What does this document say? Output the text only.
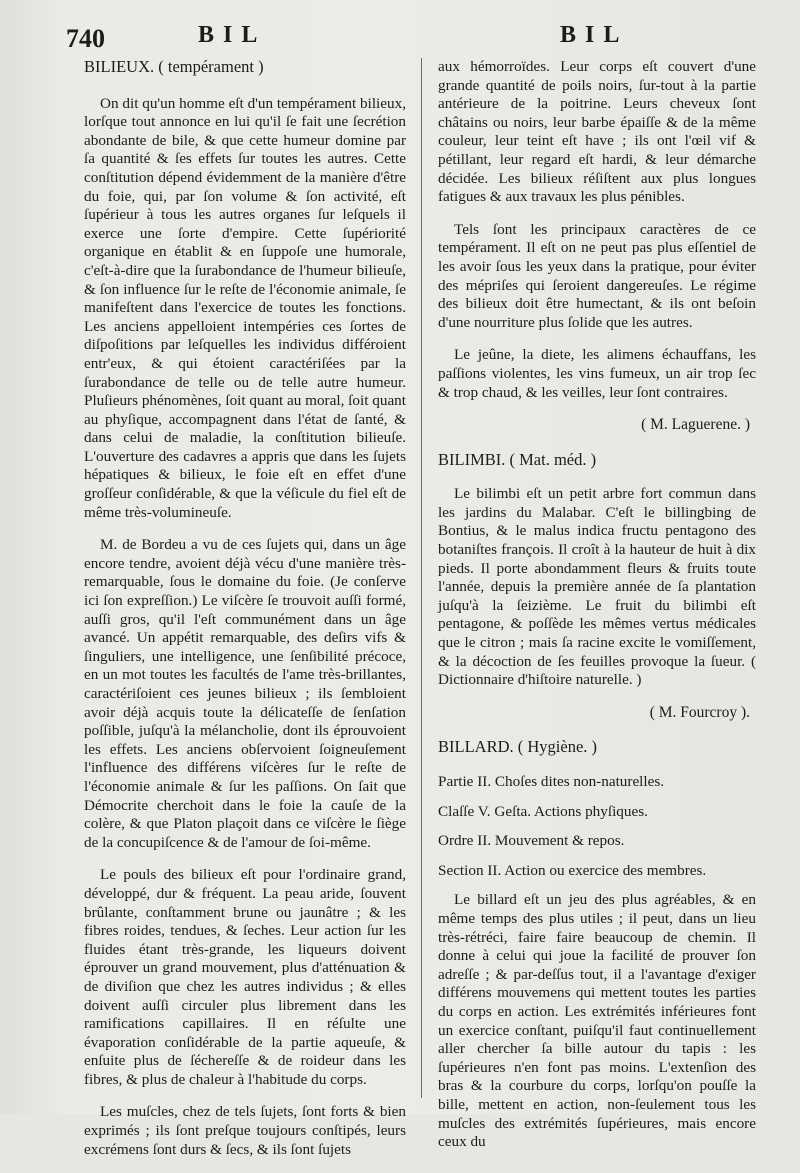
740	BIL	BIL
BILIEUX. ( tempérament )

On dit qu'un homme eſt d'un tempérament bilieux, lorſque tout annonce en lui qu'il ſe fait une ſecrétion abondante de bile, & que cette humeur domine par ſa quantité & ſes effets ſur toutes les autres. Cette conſtitution dépend évidemment de la manière d'être du foie, qui, par ſon volume & ſon activité, eſt ſupérieur à tous les autres organes ſur leſquels il exerce une ſorte d'empire. Cette ſupériorité organique en établit & en ſuppoſe une humorale, c'eſt-à-dire que la ſurabondance de l'humeur bilieuſe, & ſon influence ſur le reſte de l'économie animale, ſe manifeſtent dans l'exercice de toutes les fonctions. Les anciens appelloient intempéries ces ſortes de diſpoſitions par leſquelles les individus différoient entr'eux, & qui étoient caractériſées par la ſurabondance de telle ou de telle autre humeur. Pluſieurs phénomènes, ſoit quant au moral, ſoit quant au phyſique, accompagnent dans l'état de ſanté, & dans celui de maladie, la conſtitution bilieuſe. L'ouverture des cadavres a appris que dans les ſujets hépatiques & bilieux, le foie eſt en effet d'une groſſeur conſidérable, & que la véſicule du fiel eſt de même très-volumineuſe.

M. de Bordeu a vu de ces ſujets qui, dans un âge encore tendre, avoient déjà vécu d'une manière très-remarquable, ſous le domaine du foie. (Je conſerve ici ſon expreſſion.) Le viſcère ſe trouvoit auſſi formé, auſſi gros, qu'il l'eſt communément dans un âge avancé. Un appétit remarquable, des deſirs vifs & ſinguliers, une intelligence, une ſenſibilité précoce, en un mot toutes les facultés de l'ame très-brillantes, caractériſoient ces jeunes bilieux ; ils ſembloient avoir déjà acquis toute la délicateſſe de ſenſation poſſible, juſqu'à la mélancholie, dont ils éprouvoient les effets. Les anciens obſervoient ſoigneuſement l'influence des différens viſcères ſur le reſte de l'économie animale & ſur les paſſions. On ſait que Démocrite cherchoit dans le foie la cauſe de la colère, & que Platon plaçoit dans ce viſcère le ſiège de la concupiſcence & de l'amour de ſoi-même.

Le pouls des bilieux eſt pour l'ordinaire grand, développé, dur & fréquent. La peau aride, ſouvent brûlante, conſtamment brune ou jaunâtre ; & les fibres roides, tendues, & ſeches. Leur action ſur les fluides étant très-grande, les liqueurs doivent éprouver un grand mouvement, plus d'atténuation & de diviſion que chez les autres individus ; & elles doivent auſſi circuler plus librement dans les ramifications capillaires. Il en réſulte une évaporation conſidérable de la partie aqueuſe, & enſuite plus de ſéchereſſe & de roideur dans les fibres, & plus de chaleur à l'habitude du corps.

Les muſcles, chez de tels ſujets, ſont forts & bien exprimés ; ils ſont preſque toujours conſtipés, leurs excrémens ſont durs & ſecs, & ils ſont ſujets

aux hémorroïdes. Leur corps eſt couvert d'une grande quantité de poils noirs, ſur-tout à la partie antérieure de la poitrine. Leurs cheveux ſont châtains ou noirs, leur barbe épaiſſe & de la même couleur, leur teint eſt have ; ils ont l'œil vif & pétillant, leur regard eſt hardi, & leur démarche décidée. Les bilieux réſiſtent aux plus longues fatigues & aux travaux les plus pénibles.

Tels ſont les principaux caractères de ce tempérament. Il eſt on ne peut pas plus eſſentiel de les avoir ſous les yeux dans la pratique, pour éviter des mépriſes qui ſeroient dangereuſes. Le régime des bilieux doit être humectant, & ils ont beſoin d'une nourriture plus ſolide que les autres.

Le jeûne, la diete, les alimens échauffans, les paſſions violentes, les vins fumeux, un air trop ſec & trop chaud, & les veilles, leur ſont contraires.

( M. Laguerene. )
BILIMBI. ( Mat. méd. )

Le bilimbi eſt un petit arbre fort commun dans les jardins du Malabar. C'eſt le billingbing de Bontius, & le malus indica fructu pentagono des botaniſtes françois. Il croît à la hauteur de huit à dix pieds. Il porte abondamment fleurs & fruits toute l'année, depuis la première année de ſa plantation juſqu'à la ſeizième. Le fruit du bilimbi eſt pentagone, & poſſède les mêmes vertus médicales que le citron ; mais ſa racine excite le vomiſſement, & la décoction de ſes feuilles provoque la ſueur. ( Dictionnaire d'hiſtoire naturelle. )

( M. Fourcroy ).
BILLARD. ( Hygiène. )
Partie II. Choſes dites non-naturelles.
Claſſe V. Geſta. Actions phyſiques.
Ordre II. Mouvement & repos.
Section II. Action ou exercice des membres.

Le billard eſt un jeu des plus agréables, & en même temps des plus utiles ; il peut, dans un lieu très-rétréci, faire faire beaucoup de chemin. Il donne à celui qui joue la facilité de prouver ſon adreſſe ; & par-deſſus tout, il a l'avantage d'exiger différens mouvemens qui mettent toutes les parties du corps en action. Les extrémités inférieures font un exercice conſtant, puiſqu'il faut continuellement aller chercher ſa bille autour du tapis : les ſupérieures n'en font pas moins. L'extenſion des bras & la courbure du corps, lorſqu'on pouſſe la bille, mettent en action, non-ſeulement tous les muſcles des extrémités ſupérieures, mais encore ceux du
